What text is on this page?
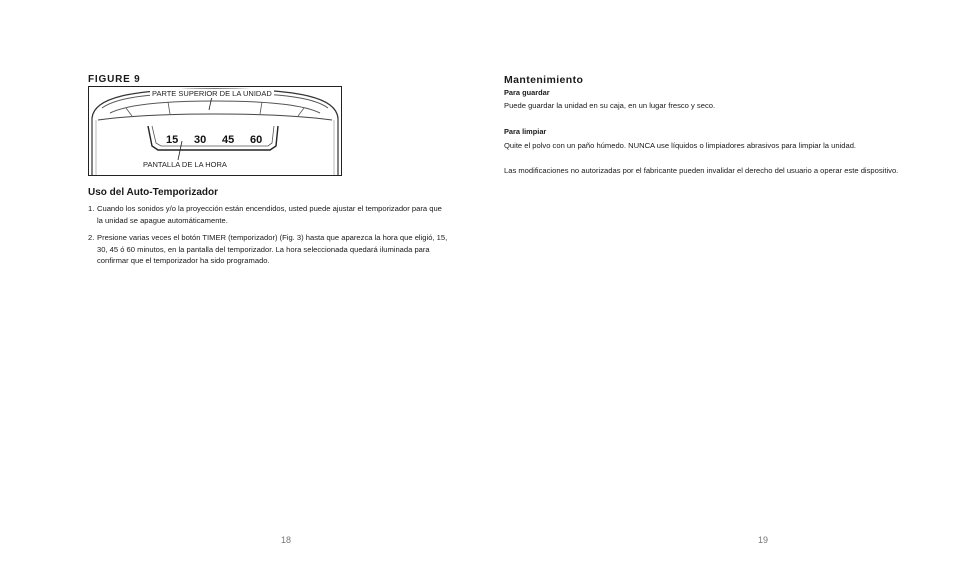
FIGURE 9
15 30 45 60
PARTE SUPERIOR DE LA UNIDAD
PANTALLA DE LA HORA
Uso del Auto-Temporizador
1. Cuando los sonidos y/o la proyección están encendidos, usted puede ajustar el temporizador para que la unidad se apague automáticamente.
2. Presione varias veces el botón TIMER (temporizador) (Fig. 3) hasta que aparezca la hora que eligió, 15, 30, 45 ó 60 minutos, en la pantalla del temporizador. La hora seleccionada quedará iluminada para confirmar que el temporizador ha sido programado.
18
Mantenimiento
Para guardar
Puede guardar la unidad en su caja, en un lugar fresco y seco.
Para limpiar
Quite el polvo con un paño húmedo. NUNCA use líquidos o limpiadores abrasivos para limpiar la unidad.
Las modificaciones no autorizadas por el fabricante pueden invalidar el derecho del usuario a operar este dispositivo.
19
